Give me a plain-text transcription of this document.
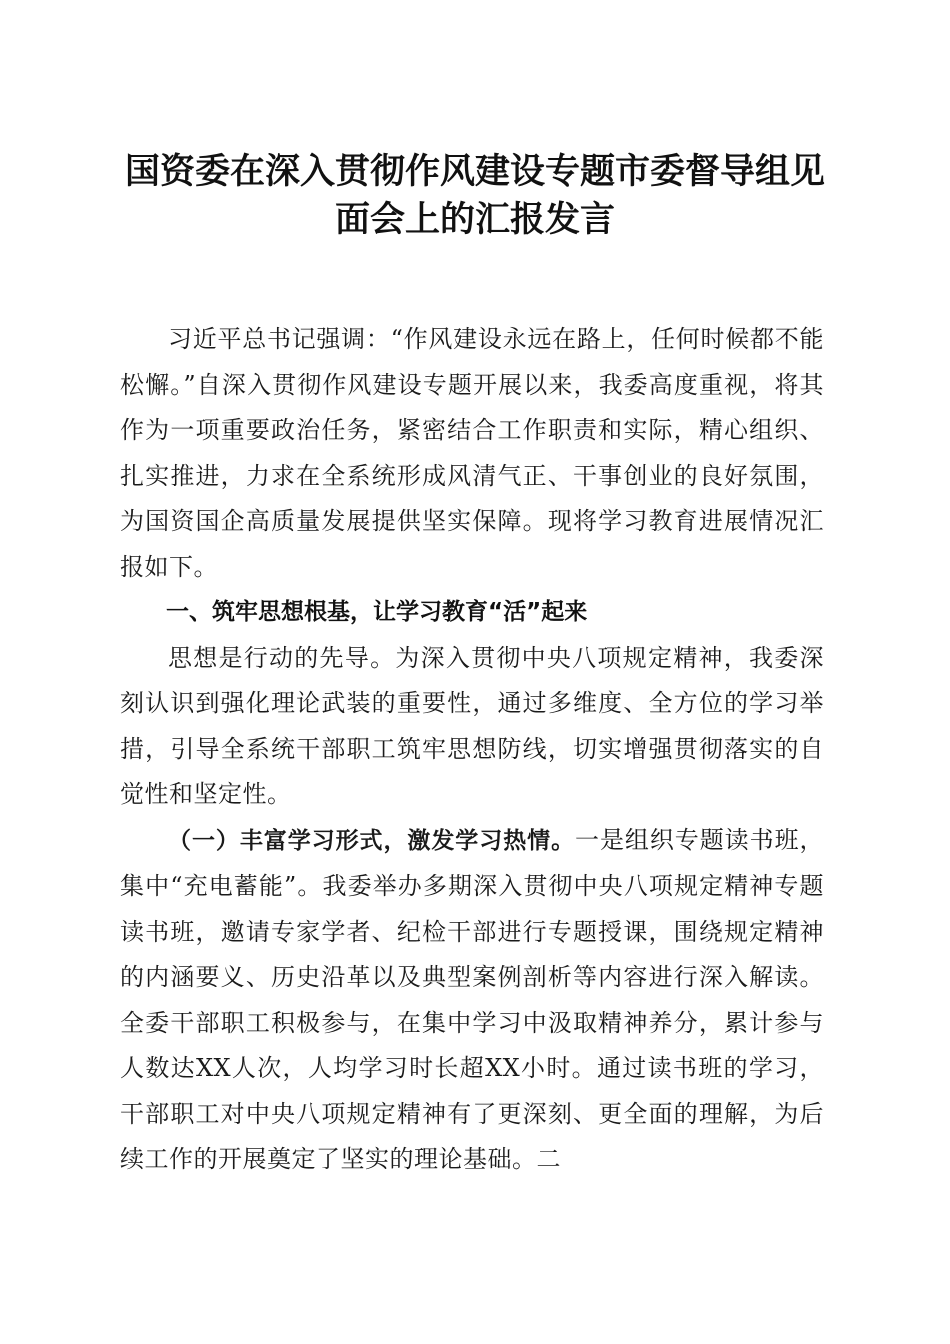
国资委在深入贯彻作风建设专题市委督导组见面会上的汇报发言

习近平总书记强调：“作风建设永远在路上，任何时候都不能松懈。”自深入贯彻作风建设专题开展以来，我委高度重视，将其作为一项重要政治任务，紧密结合工作职责和实际，精心组织、扎实推进，力求在全系统形成风清气正、干事创业的良好氛围，为国资国企高质量发展提供坚实保障。现将学习教育进展情况汇报如下。

一、筑牢思想根基，让学习教育“活”起来

思想是行动的先导。为深入贯彻中央八项规定精神，我委深刻认识到强化理论武装的重要性，通过多维度、全方位的学习举措，引导全系统干部职工筑牢思想防线，切实增强贯彻落实的自觉性和坚定性。

（一）丰富学习形式，激发学习热情。一是组织专题读书班，集中“充电蓄能”。我委举办多期深入贯彻中央八项规定精神专题读书班，邀请专家学者、纪检干部进行专题授课，围绕规定精神的内涵要义、历史沿革以及典型案例剖析等内容进行深入解读。全委干部职工积极参与，在集中学习中汲取精神养分，累计参与人数达XX人次，人均学习时长超XX小时。通过读书班的学习，干部职工对中央八项规定精神有了更深刻、更全面的理解，为后续工作的开展奠定了坚实的理论基础。二
